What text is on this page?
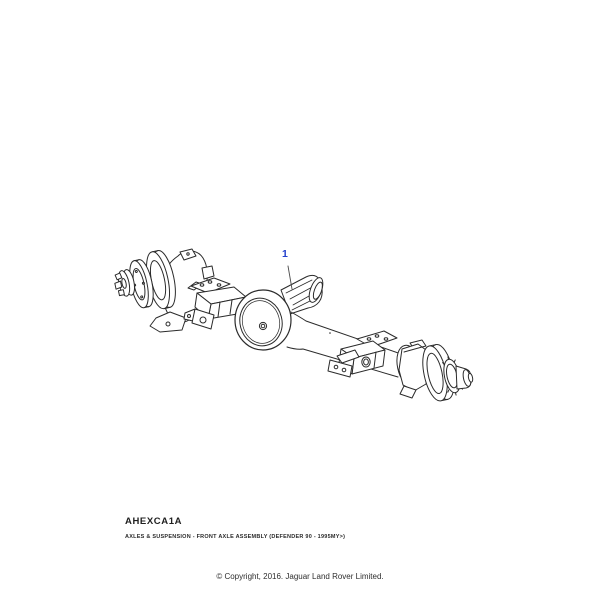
1
AHEXCA1A
AXLES & SUSPENSION - FRONT AXLE ASSEMBLY (DEFENDER 90 - 1995MY>)
© Copyright, 2016. Jaguar Land Rover Limited.
